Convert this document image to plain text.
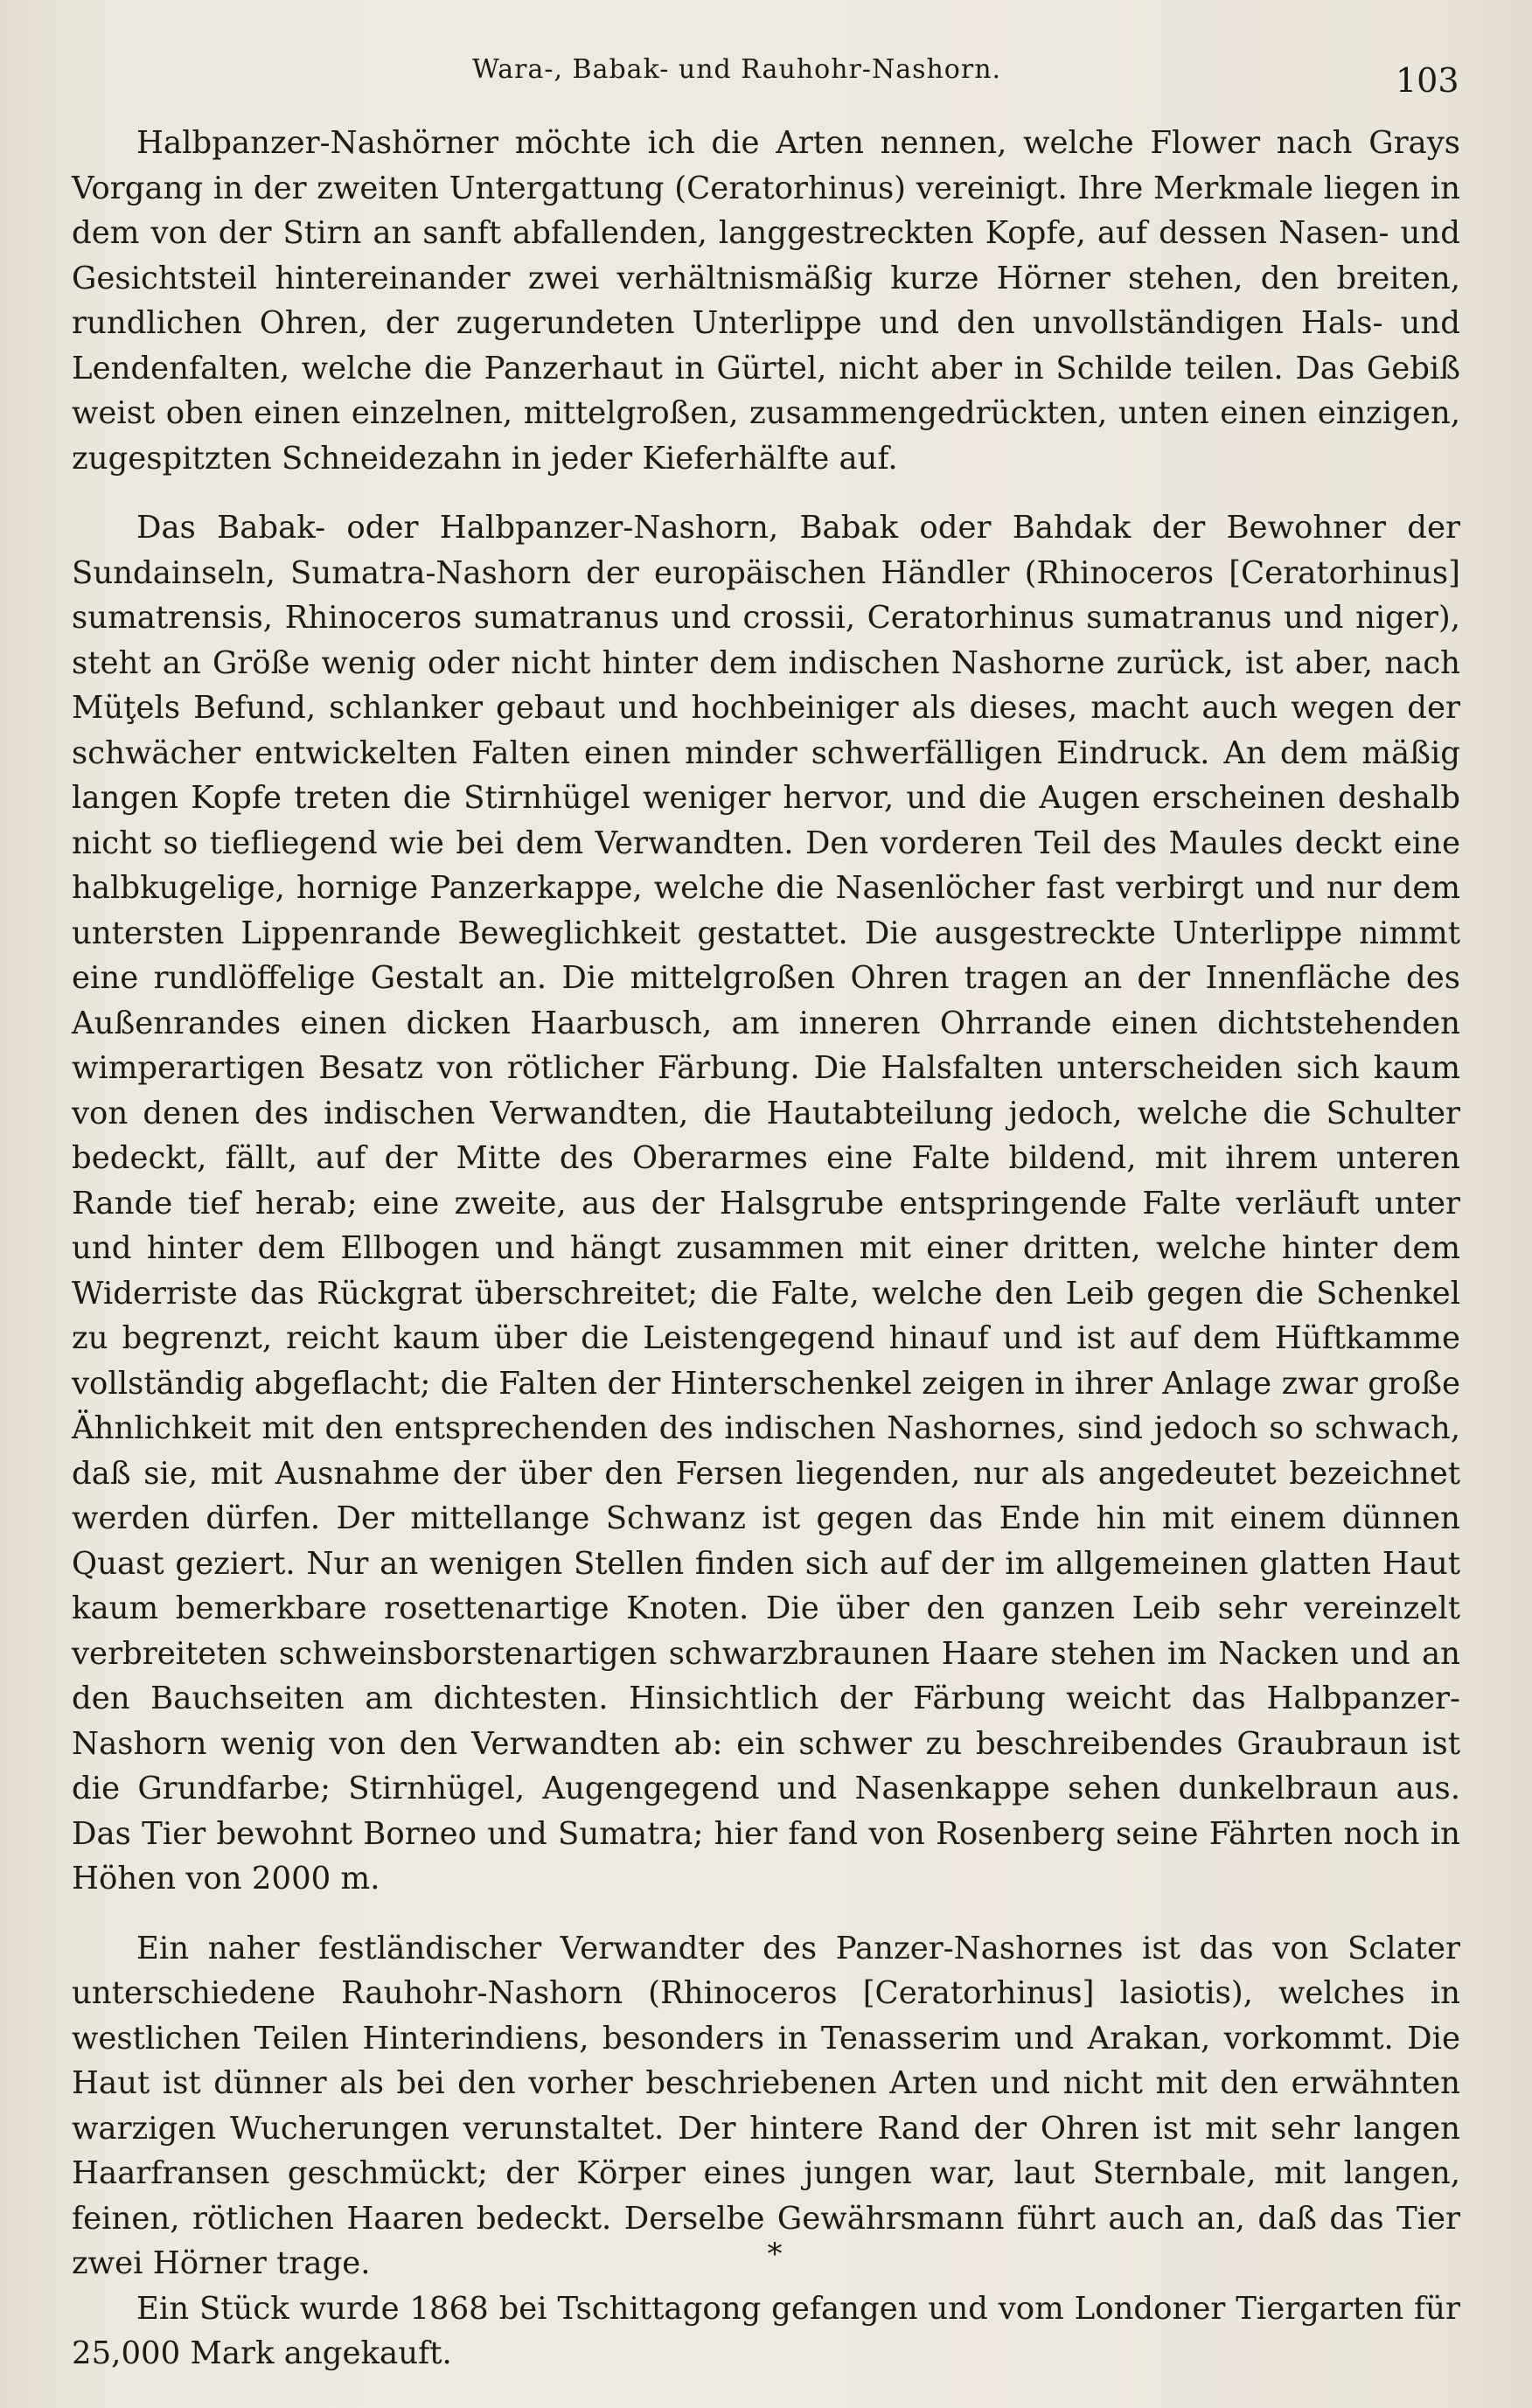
Wara-, Babak- und Rauhohr-Nashorn.	103

Halbpanzer-Nashörner möchte ich die Arten nennen, welche Flower nach Grays Vorgang in der zweiten Untergattung (Ceratorhinus) vereinigt. Ihre Merkmale liegen in dem von der Stirn an sanft abfallenden, langgestreckten Kopfe, auf dessen Nasen- und Gesichtsteil hintereinander zwei verhältnismäßig kurze Hörner stehen, den breiten, rundlichen Ohren, der zugerundeten Unterlippe und den unvollständigen Hals- und Lendenfalten, welche die Panzerhaut in Gürtel, nicht aber in Schilde teilen. Das Gebiß weist oben einen einzelnen, mittelgroßen, zusammengedrückten, unten einen einzigen, zugespitzten Schneidezahn in jeder Kieferhälfte auf.

Das Babak- oder Halbpanzer-Nashorn, Babak oder Bahdak der Bewohner der Sundainseln, Sumatra-Nashorn der europäischen Händler (Rhinoceros [Ceratorhinus] sumatrensis, Rhinoceros sumatranus und crossii, Ceratorhinus sumatranus und niger), steht an Größe wenig oder nicht hinter dem indischen Nashorne zurück, ist aber, nach Müţels Befund, schlanker gebaut und hochbeiniger als dieses, macht auch wegen der schwächer entwickelten Falten einen minder schwerfälligen Eindruck. An dem mäßig langen Kopfe treten die Stirnhügel weniger hervor, und die Augen erscheinen deshalb nicht so tiefliegend wie bei dem Verwandten. Den vorderen Teil des Maules deckt eine halbkugelige, hornige Panzerkappe, welche die Nasenlöcher fast verbirgt und nur dem untersten Lippenrande Beweglichkeit gestattet. Die ausgestreckte Unterlippe nimmt eine rundlöffelige Gestalt an. Die mittelgroßen Ohren tragen an der Innenfläche des Außenrandes einen dicken Haarbusch, am inneren Ohrrande einen dichtstehenden wimperartigen Besatz von rötlicher Färbung. Die Halsfalten unterscheiden sich kaum von denen des indischen Verwandten, die Hautabteilung jedoch, welche die Schulter bedeckt, fällt, auf der Mitte des Oberarmes eine Falte bildend, mit ihrem unteren Rande tief herab; eine zweite, aus der Halsgrube entspringende Falte verläuft unter und hinter dem Ellbogen und hängt zusammen mit einer dritten, welche hinter dem Widerriste das Rückgrat überschreitet; die Falte, welche den Leib gegen die Schenkel zu begrenzt, reicht kaum über die Leistengegend hinauf und ist auf dem Hüftkamme vollständig abgeflacht; die Falten der Hinterschenkel zeigen in ihrer Anlage zwar große Ähnlichkeit mit den entsprechenden des indischen Nashornes, sind jedoch so schwach, daß sie, mit Ausnahme der über den Fersen liegenden, nur als angedeutet bezeichnet werden dürfen. Der mittellange Schwanz ist gegen das Ende hin mit einem dünnen Quast geziert. Nur an wenigen Stellen finden sich auf der im allgemeinen glatten Haut kaum bemerkbare rosettenartige Knoten. Die über den ganzen Leib sehr vereinzelt verbreiteten schweinsborstenartigen schwarzbraunen Haare stehen im Nacken und an den Bauchseiten am dichtesten. Hinsichtlich der Färbung weicht das Halbpanzer-Nashorn wenig von den Verwandten ab: ein schwer zu beschreibendes Graubraun ist die Grundfarbe; Stirnhügel, Augengegend und Nasenkappe sehen dunkelbraun aus. Das Tier bewohnt Borneo und Sumatra; hier fand von Rosenberg seine Fährten noch in Höhen von 2000 m.

Ein naher festländischer Verwandter des Panzer-Nashornes ist das von Sclater unterschiedene Rauhohr-Nashorn (Rhinoceros [Ceratorhinus] lasiotis), welches in westlichen Teilen Hinterindiens, besonders in Tenasserim und Arakan, vorkommt. Die Haut ist dünner als bei den vorher beschriebenen Arten und nicht mit den erwähnten warzigen Wucherungen verunstaltet. Der hintere Rand der Ohren ist mit sehr langen Haarfransen geschmückt; der Körper eines jungen war, laut Sternbale, mit langen, feinen, rötlichen Haaren bedeckt. Derselbe Gewährsmann führt auch an, daß das Tier zwei Hörner trage.

Ein Stück wurde 1868 bei Tschittagong gefangen und vom Londoner Tiergarten für 25,000 Mark angekauft.

*
